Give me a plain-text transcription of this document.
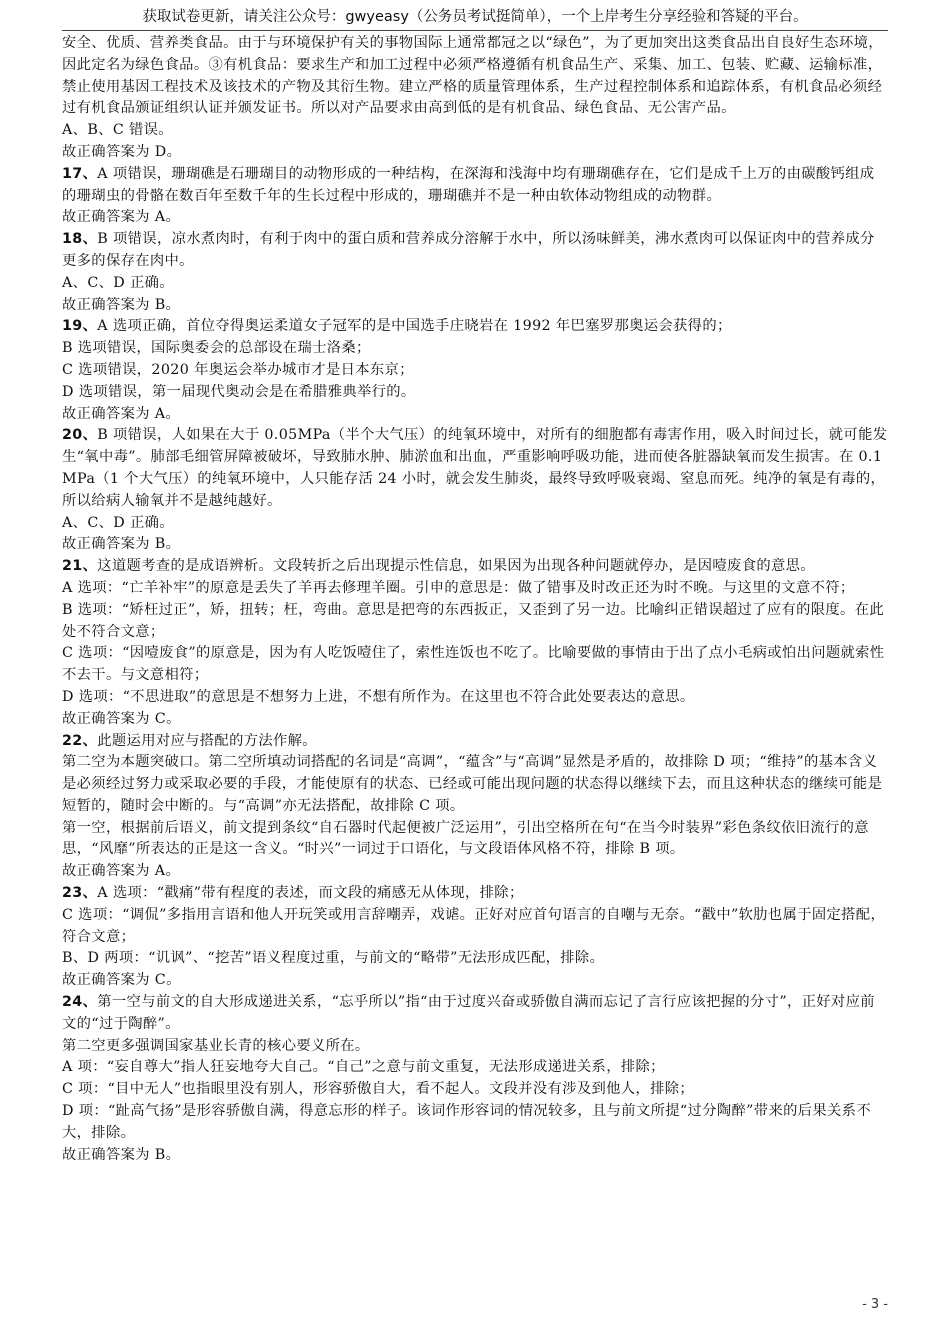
获取试卷更新，请关注公众号：gwyeasy（公务员考试挺简单），一个上岸考生分享经验和答疑的平台。

安全、优质、营养类食品。由于与环境保护有关的事物国际上通常都冠之以“绿色”，为了更加突出这类食品出自良好生态环境，因此定名为绿色食品。③有机食品：要求生产和加工过程中必须严格遵循有机食品生产、采集、加工、包装、贮藏、运输标准，禁止使用基因工程技术及该技术的产物及其衍生物。建立严格的质量管理体系，生产过程控制体系和追踪体系，有机食品必须经过有机食品颁证组织认证并颁发证书。所以对产品要求由高到低的是有机食品、绿色食品、无公害产品。

A、B、C 错误。

故正确答案为 D。

17、A 项错误，珊瑚礁是石珊瑚目的动物形成的一种结构，在深海和浅海中均有珊瑚礁存在，它们是成千上万的由碳酸钙组成的珊瑚虫的骨骼在数百年至数千年的生长过程中形成的，珊瑚礁并不是一种由软体动物组成的动物群。

故正确答案为 A。

18、B 项错误，凉水煮肉时，有利于肉中的蛋白质和营养成分溶解于水中，所以汤味鲜美，沸水煮肉可以保证肉中的营养成分更多的保存在肉中。

A、C、D 正确。

故正确答案为 B。

19、A 选项正确，首位夺得奥运柔道女子冠军的是中国选手庄晓岩在 1992 年巴塞罗那奥运会获得的；

B 选项错误，国际奥委会的总部设在瑞士洛桑；

C 选项错误，2020 年奥运会举办城市才是日本东京；

D 选项错误，第一届现代奥动会是在希腊雅典举行的。

故正确答案为 A。

20、B 项错误，人如果在大于 0.05MPa（半个大气压）的纯氧环境中，对所有的细胞都有毒害作用，吸入时间过长，就可能发生“氧中毒”。肺部毛细管屏障被破坏，导致肺水肿、肺淤血和出血，严重影响呼吸功能，进而使各脏器缺氧而发生损害。在 0.1MPa（1 个大气压）的纯氧环境中，人只能存活 24 小时，就会发生肺炎，最终导致呼吸衰竭、窒息而死。纯净的氧是有毒的，所以给病人输氧并不是越纯越好。

A、C、D 正确。

故正确答案为 B。

21、这道题考查的是成语辨析。文段转折之后出现提示性信息，如果因为出现各种问题就停办，是因噎废食的意思。

A 选项：“亡羊补牢”的原意是丢失了羊再去修理羊圈。引申的意思是：做了错事及时改正还为时不晚。与这里的文意不符；

B 选项：“矫枉过正”，矫，扭转；枉，弯曲。意思是把弯的东西扳正，又歪到了另一边。比喻纠正错误超过了应有的限度。在此处不符合文意；

C 选项：“因噎废食”的原意是，因为有人吃饭噎住了，索性连饭也不吃了。比喻要做的事情由于出了点小毛病或怕出问题就索性不去干。与文意相符；

D 选项：“不思进取”的意思是不想努力上进，不想有所作为。在这里也不符合此处要表达的意思。

故正确答案为 C。

22、此题运用对应与搭配的方法作解。

第二空为本题突破口。第二空所填动词搭配的名词是“高调”，“蕴含”与“高调”显然是矛盾的，故排除 D 项；“维持”的基本含义是必须经过努力或采取必要的手段，才能使原有的状态、已经或可能出现问题的状态得以继续下去，而且这种状态的继续可能是短暂的，随时会中断的。与“高调”亦无法搭配，故排除 C 项。

第一空，根据前后语义，前文提到条纹“自石器时代起便被广泛运用”，引出空格所在句“在当今时装界”彩色条纹依旧流行的意思，“风靡”所表达的正是这一含义。“时兴”一词过于口语化，与文段语体风格不符，排除 B 项。

故正确答案为 A。

23、A 选项：“戳痛”带有程度的表述，而文段的痛感无从体现，排除；

C 选项：“调侃”多指用言语和他人开玩笑或用言辞嘲弄，戏谑。正好对应首句语言的自嘲与无奈。“戳中”软肋也属于固定搭配，符合文意；

B、D 两项：“讥讽”、“挖苦”语义程度过重，与前文的“略带”无法形成匹配，排除。

故正确答案为 C。

24、第一空与前文的自大形成递进关系，“忘乎所以”指“由于过度兴奋或骄傲自满而忘记了言行应该把握的分寸”，正好对应前文的“过于陶醉”。

第二空更多强调国家基业长青的核心要义所在。

A 项：“妄自尊大”指人狂妄地夸大自己。“自己”之意与前文重复，无法形成递进关系，排除；

C 项：“目中无人”也指眼里没有别人，形容骄傲自大，看不起人。文段并没有涉及到他人，排除；

D 项：“趾高气扬”是形容骄傲自满，得意忘形的样子。该词作形容词的情况较多，且与前文所提“过分陶醉”带来的后果关系不大，排除。

故正确答案为 B。

- 3 -
